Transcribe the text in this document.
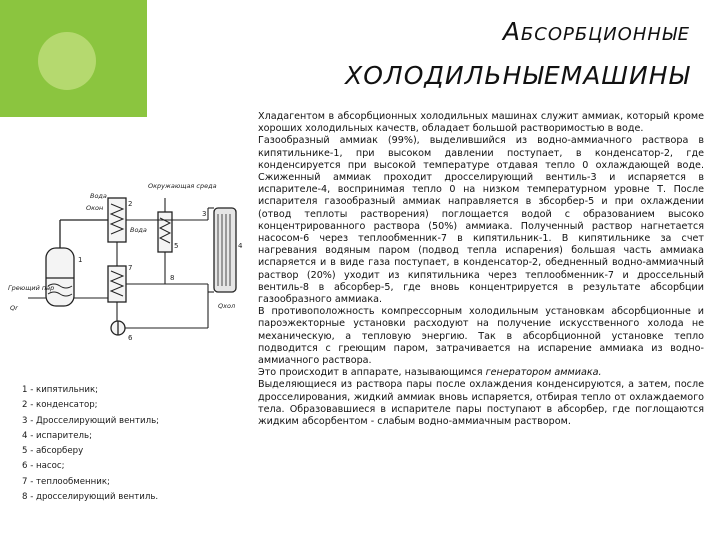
Абсорбционные
ХОЛОДИЛЬНЫЕМАШИНЫ
Вода
Oкон
Окружающая среда
Вода
Греющий пар
Qr	Qхол
1
2
3
4
5
6
7
8
1 - кипятильник;
2 - конденсатор;
3 - Дросселирующий вентиль;
4 - испаритель;
5 - абсорберу
6 - насос;
7 - теплообменник;
8 - дросселирующий вентиль.

Хладагентом в абсорбционных холодильных машинах служит аммиак, который кроме хороших холодильных качеств, обладает большой растворимостью в воде.

Газообразный аммиак (99%), выделившийся из водно-аммиачного раствора в кипятильнике-1, при высоком давлении поступает, в конденсатор-2, где конденсируется при высокой температуре отдавая тепло 0 охлаждающей воде. Сжиженный аммиак проходит дросселирующий вентиль-3 и испаряется в испарителе-4, воспринимая тепло 0 на низком температурном уровне Т. После испарителя газообразный аммиак направляется в збсорбер-5 и при охлаждении (отвод теплоты растворения) поглощается водой с образованием высоко концентрированного раствора (50%) аммиака. Полученный раствор нагнетается насосом-6 через теплообменник-7 в кипятильник-1. В кипятильнике за счет нагревания водяным паром (подвод тепла испарения) большая часть аммиака испаряется и в виде газа поступает, в конденсатор-2, обедненный водно-аммиачный раствор (20%) уходит из кипятильника через теплообменник-7 и дроссельный вентиль-8 в абсорбер-5, где вновь концентрируется в результате абсорбции газообразного аммиака.

В противоположность компрессорным холодильным установкам абсорбционные и пароэжекторные установки расходуют на получение искусственного холода не механическую, а тепловую энергию. Так в абсорбционной установке тепло подводится с греющим паром, затрачивается на испарение аммиака из водно-аммиачного раствора.

Это происходит в аппарате, называющимся генератором аммиака.

Выделяющиеся из раствора пары после охлаждения конденсируются, а затем, после дросселирования, жидкий аммиак вновь испаряется, отбирая тепло от охлаждаемого тела. Образовавшиеся в испарителе пары поступают в абсорбер, где поглощаются жидким абсорбентом - слабым водно-аммиачным раствором.
